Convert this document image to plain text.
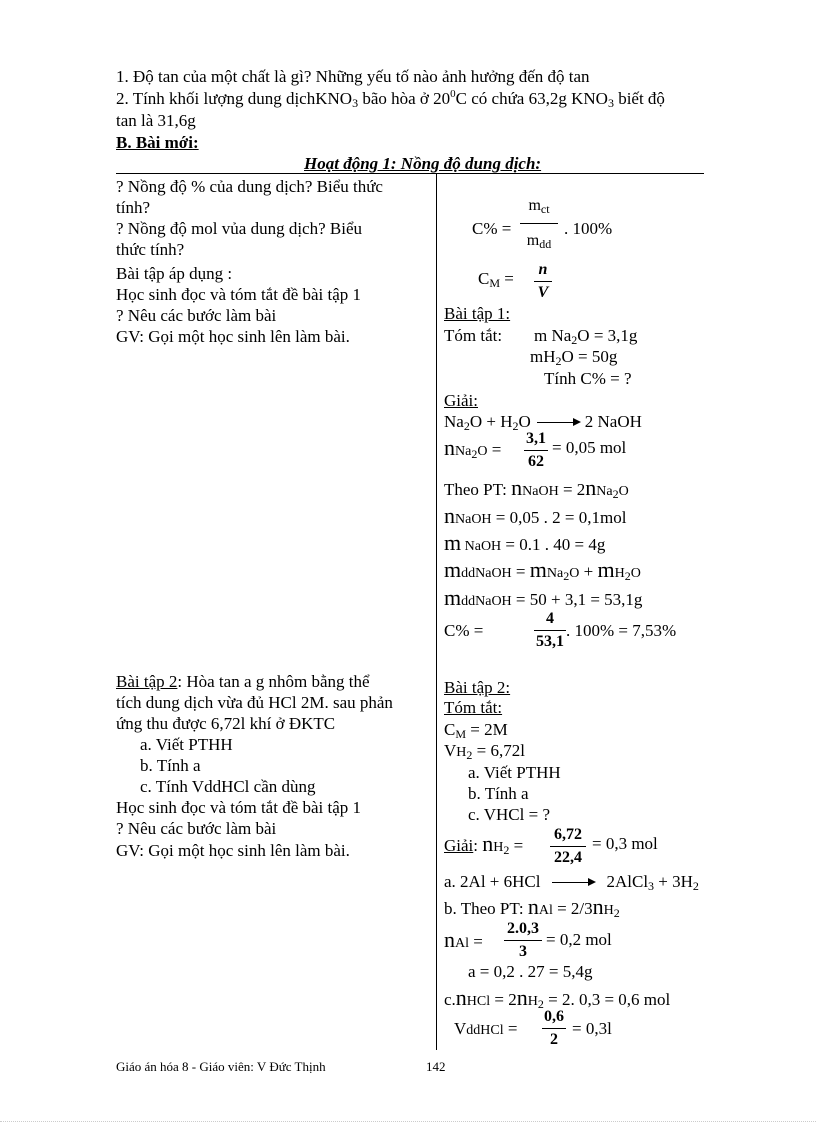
1. Độ tan của một chất là gì? Những yếu tố nào ảnh hưởng đến độ tan
2. Tính khối lượng dung dịchKNO$_3$ bão hòa ở $20^0C$ có chứa 63,2g $KNO_3$ biết độ
tan là 31,6g
B. Bài mới:
Hoạt động 1: Nồng độ dung dịch:
? Nồng độ % của dung dịch? Biểu thức
tính?
? Nồng độ mol vủa dung dịch? Biểu
thức tính?
Bài tập áp dụng :
Học sinh đọc và tóm tắt đề bài tập 1
? Nêu các bước làm bài
GV: Gọi một học sinh lên làm bài.
C% =
$m_{ct}$
$m_{dd}$
. 100%
$C_M = n$
V
Bài tập 1:
Tóm tắt: m $Na_2O = 3,1g$
$mH_2O = 50g$
Tính C% = ?
Giải:
$Na_2O + H_2O$	2 NaOH
nNa$_2$O =
3,1
62
= 0,05 mol
Theo PT: nNaOH = 2nNa$_2$O
nNaOH = 0,05 . 2 = 0,1mol
m NaOH = 0.1 . 40 = 4g
mddNaOH = $mNa_2O + mH_2O$
mddNaOH = 50 + 3,1 = 53,1g
C% =
4
53,1
. 100% = 7,53%
Bài tập 2: Hòa tan a g nhôm bằng thể
tích dung dịch vừa đủ HCl 2M. sau phản
ứng thu được 6,72l khí ở ĐKTC
a. Viết PTHH
b. Tính a
c. Tính VddHCl cần dùng
Học sinh đọc và tóm tắt đề bài tập 1
? Nêu các bước làm bài
GV: Gọi một học sinh lên làm bài.
Bài tập 2:
Tóm tắt:
$C_M = 2M$
$VH_2 = 6,72l$
a. Viết PTHH
b. Tính a
c. VHCl = ?
Giải: $nH_2$ =
6,72
22,4
= 0,3 mol
a. 2Al + 6HCl	2AlCl$_3$ + $3H_2$
b. Theo PT: nAl = $2/3nH_2$
nAl =
2.0,3
3
= 0,2 mol
a = 0,2 . 27 = 5,4g
c.nHCl = $2nH_2 = 2$. 0,3 = 0,6 mol
VddHCl =
0,6
2
= 0,3l
Giáo án hóa 8 - Giáo viên: V Đức Thịnh	142
